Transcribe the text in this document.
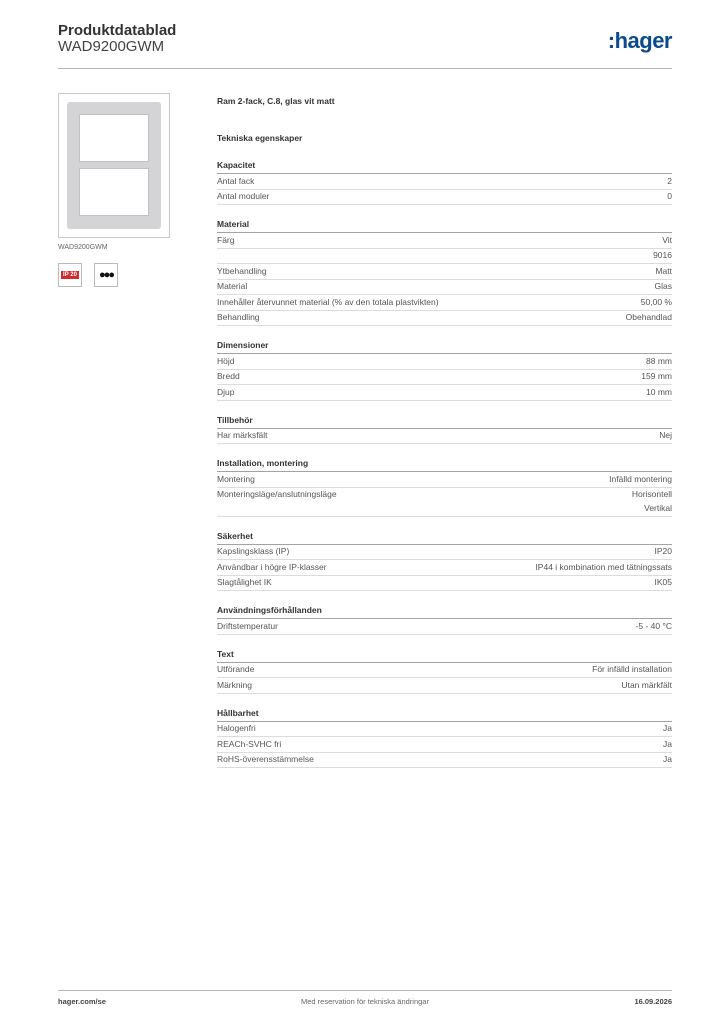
Produktdatablad
WAD9200GWM	:hager
WAD9200GWM
IP 20 ●●●
Ram 2-fack, C.8, glas vit matt
Tekniska egenskaper
Kapacitet
Antal fack	2
Antal moduler	0
Material
Färg	Vit
9016
Ytbehandling	Matt
Material	Glas
Innehåller återvunnet material (% av den totala plastvikten)	50,00 %
Behandling	Obehandlad
Dimensioner
Höjd	88 mm
Bredd	159 mm
Djup	10 mm
Tillbehör
Har märksfält	Nej
Installation, montering
Montering	Infälld montering
Monteringsläge/anslutningsläge	Horisontell
Vertikal
Säkerhet
Kapslingsklass (IP)	IP20
Användbar i högre IP-klasser	IP44 i kombination med tätningssats
Slagtålighet IK	IK05
Användningsförhållanden
Driftstemperatur	-5 - 40 °C
Text
Utförande	För infälld installation
Märkning	Utan märkfält
Hållbarhet
Halogenfri	Ja
REACh-SVHC fri	Ja
RoHS-överensstämmelse	Ja
hager.com/se	Med reservation för tekniska ändringar	16.09.2026
